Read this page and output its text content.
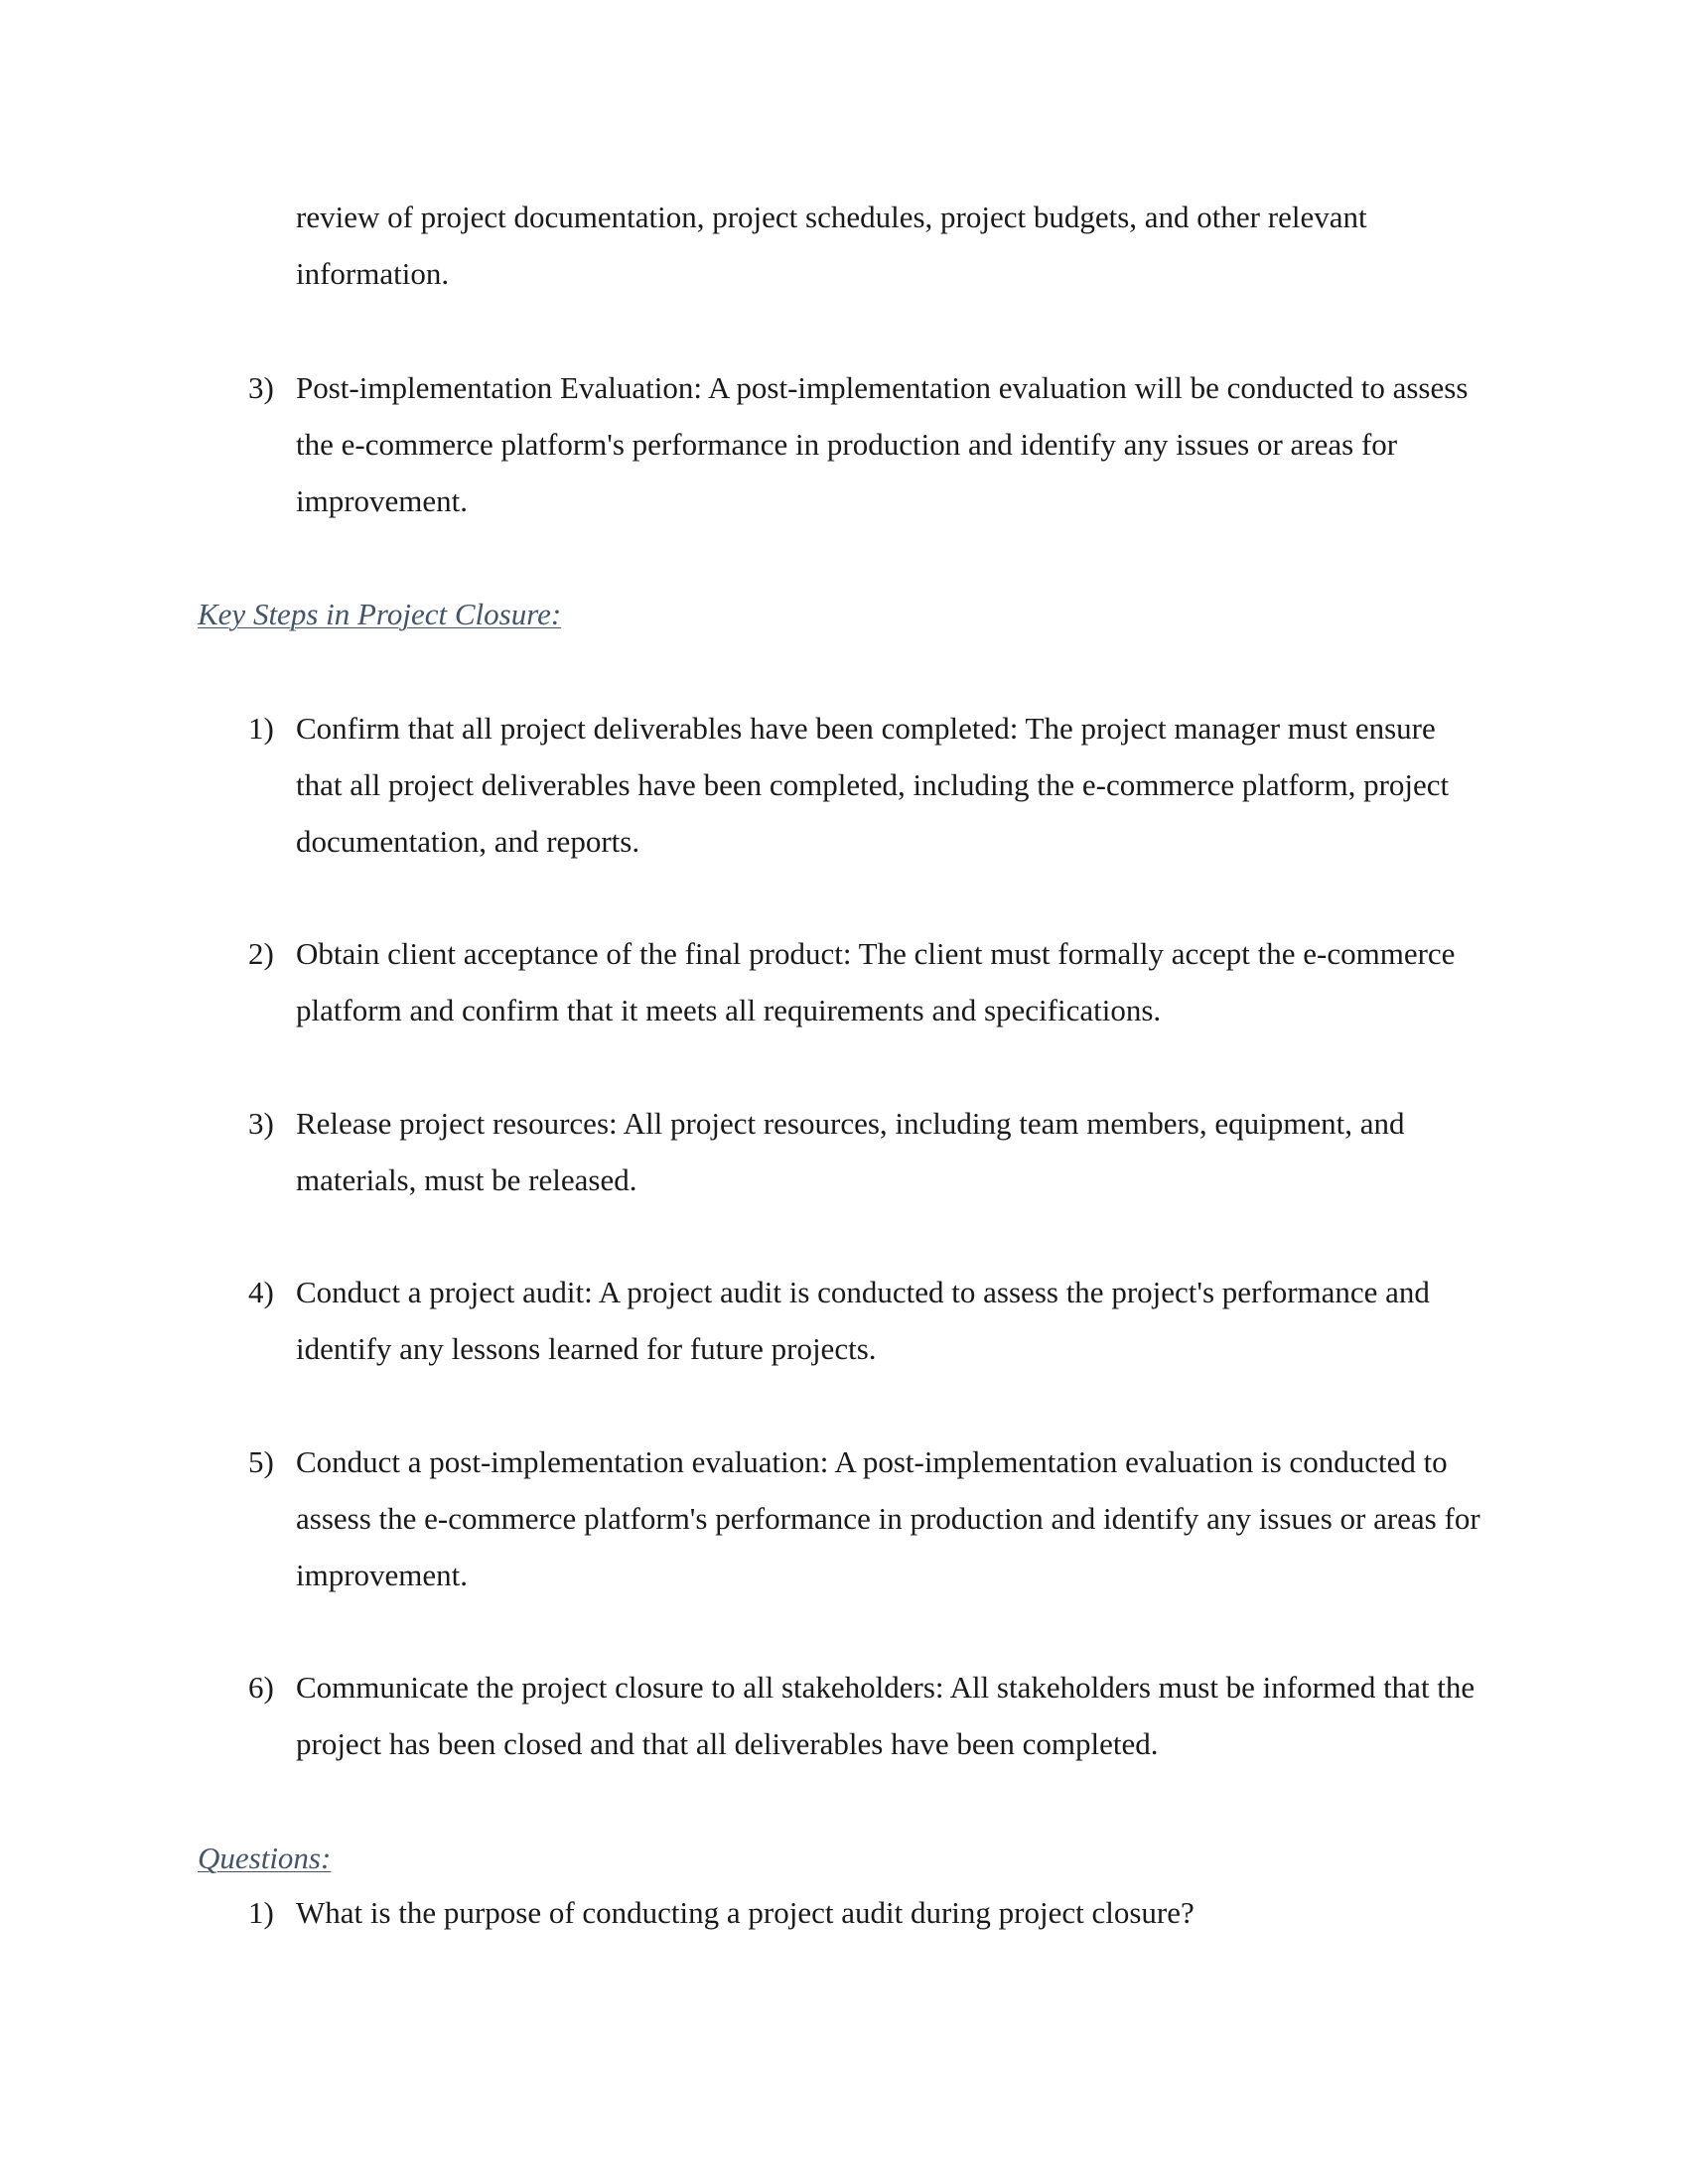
review of project documentation, project schedules, project budgets, and other relevant information.

3) Post-implementation Evaluation: A post-implementation evaluation will be conducted to assess the e-commerce platform's performance in production and identify any issues or areas for improvement.
Key Steps in Project Closure:
1) Confirm that all project deliverables have been completed: The project manager must ensure that all project deliverables have been completed, including the e-commerce platform, project documentation, and reports.
2) Obtain client acceptance of the final product: The client must formally accept the e-commerce platform and confirm that it meets all requirements and specifications.
3) Release project resources: All project resources, including team members, equipment, and materials, must be released.
4) Conduct a project audit: A project audit is conducted to assess the project's performance and identify any lessons learned for future projects.
5) Conduct a post-implementation evaluation: A post-implementation evaluation is conducted to assess the e-commerce platform's performance in production and identify any issues or areas for improvement.
6) Communicate the project closure to all stakeholders: All stakeholders must be informed that the project has been closed and that all deliverables have been completed.
Questions:
1) What is the purpose of conducting a project audit during project closure?
